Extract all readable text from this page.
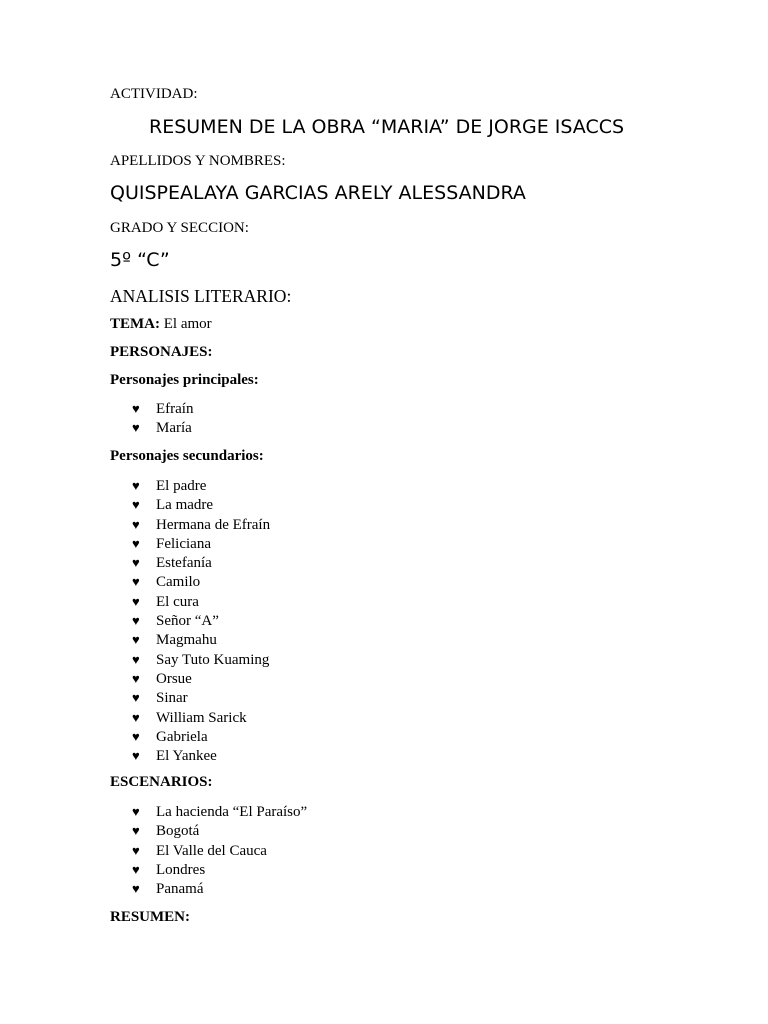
ACTIVIDAD:
RESUMEN DE LA OBRA “MARIA” DE JORGE ISACCS
APELLIDOS Y NOMBRES:
QUISPEALAYA GARCIAS ARELY ALESSANDRA
GRADO Y SECCION:
5º “C”
ANALISIS LITERARIO:
TEMA: El amor
PERSONAJES:
Personajes principales:
♥ Efraín
♥ María
Personajes secundarios:
♥ El padre
♥ La madre
♥ Hermana de Efraín
♥ Feliciana
♥ Estefanía
♥ Camilo
♥ El cura
♥ Señor “A”
♥ Magmahu
♥ Say Tuto Kuaming
♥ Orsue
♥ Sinar
♥ William Sarick
♥ Gabriela
♥ El Yankee
ESCENARIOS:
♥ La hacienda “El Paraíso”
♥ Bogotá
♥ El Valle del Cauca
♥ Londres
♥ Panamá
RESUMEN:
